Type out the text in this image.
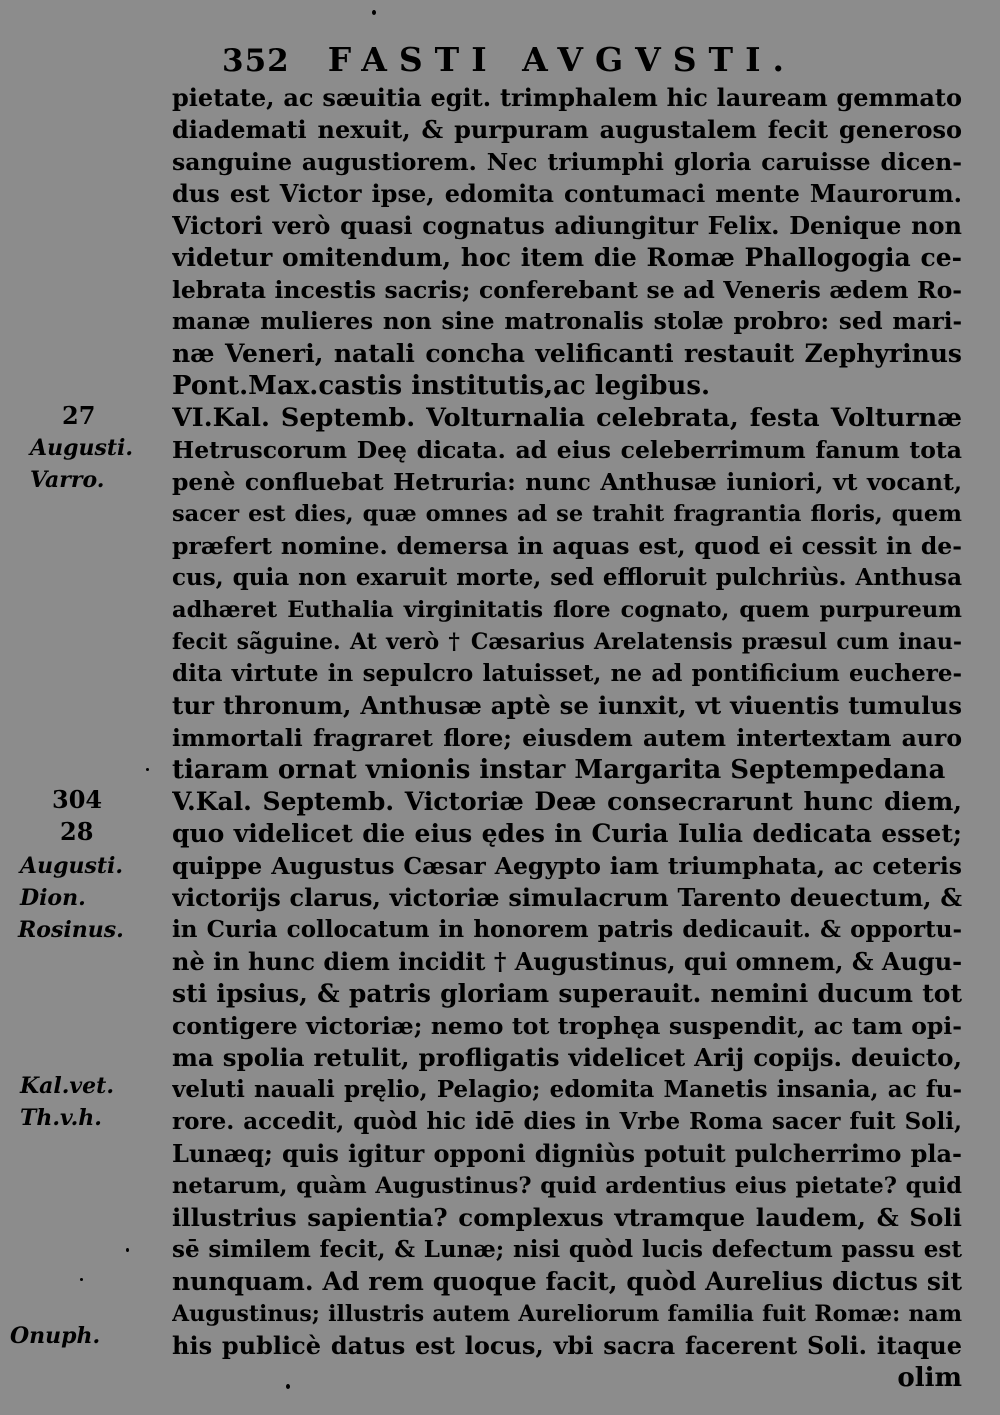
352 FASTI AVGVSTI.
pietate, ac sæuitia egit. trimphalem hic lauream gemmato
diademati nexuit, & purpuram augustalem fecit generoso
sanguine augustiorem. Nec triumphi gloria caruisse dicen-
dus est Victor ipse, edomita contumaci mente Maurorum.
Victori verò quasi cognatus adiungitur Felix. Denique non
videtur omitendum, hoc item die Romæ Phallogogia ce-
lebrata incestis sacris; conferebant se ad Veneris ædem Ro-
manæ mulieres non sine matronalis stolæ probro: sed mari-
næ Veneri, natali concha velificanti restauit Zephyrinus
Pont.Max.castis institutis,ac legibus.
VI.Kal. Septemb. Volturnalia celebrata, festa Volturnæ
Hetruscorum Deę dicata. ad eius celeberrimum fanum tota
penè confluebat Hetruria: nunc Anthusæ iuniori, vt vocant,
sacer est dies, quæ omnes ad se trahit fragrantia floris, quem
præfert nomine. demersa in aquas est, quod ei cessit in de-
cus, quia non exaruit morte, sed effloruit pulchriùs. Anthusa
adhæret Euthalia virginitatis flore cognato, quem purpureum
fecit sãguine. At verò † Cæsarius Arelatensis præsul cum inau-
dita virtute in sepulcro latuisset, ne ad pontificium euchere-
tur thronum, Anthusæ aptè se iunxit, vt viuentis tumulus
immortali fragraret flore; eiusdem autem intertextam auro
tiaram ornat vnionis instar Margarita Septempedana
V.Kal. Septemb. Victoriæ Deæ consecrarunt hunc diem,
quo videlicet die eius ędes in Curia Iulia dedicata esset;
quippe Augustus Cæsar Aegypto iam triumphata, ac ceteris
victorijs clarus, victoriæ simulacrum Tarento deuectum, &
in Curia collocatum in honorem patris dedicauit. & opportu-
nè in hunc diem incidit † Augustinus, qui omnem, & Augu-
sti ipsius, & patris gloriam superauit. nemini ducum tot
contigere victoriæ; nemo tot trophęa suspendit, ac tam opi-
ma spolia retulit, profligatis videlicet Arij copijs. deuicto,
veluti nauali pręlio, Pelagio; edomita Manetis insania, ac fu-
rore. accedit, quòd hic idē dies in Vrbe Roma sacer fuit Soli,
Lunæq; quis igitur opponi digniùs potuit pulcherrimo pla-
netarum, quàm Augustinus? quid ardentius eius pietate? quid
illustrius sapientia? complexus vtramque laudem, & Soli
sē similem fecit, & Lunæ; nisi quòd lucis defectum passu est
nunquam. Ad rem quoque facit, quòd Aurelius dictus sit
Augustinus; illustris autem Aureliorum familia fuit Romæ: nam
his publicè datus est locus, vbi sacra facerent Soli. itaque
olim
27
Augusti.
Varro.
304
28
Augusti.
Dion.
Rosinus.
Kal.vet.
Th.v.h.
Onuph.
